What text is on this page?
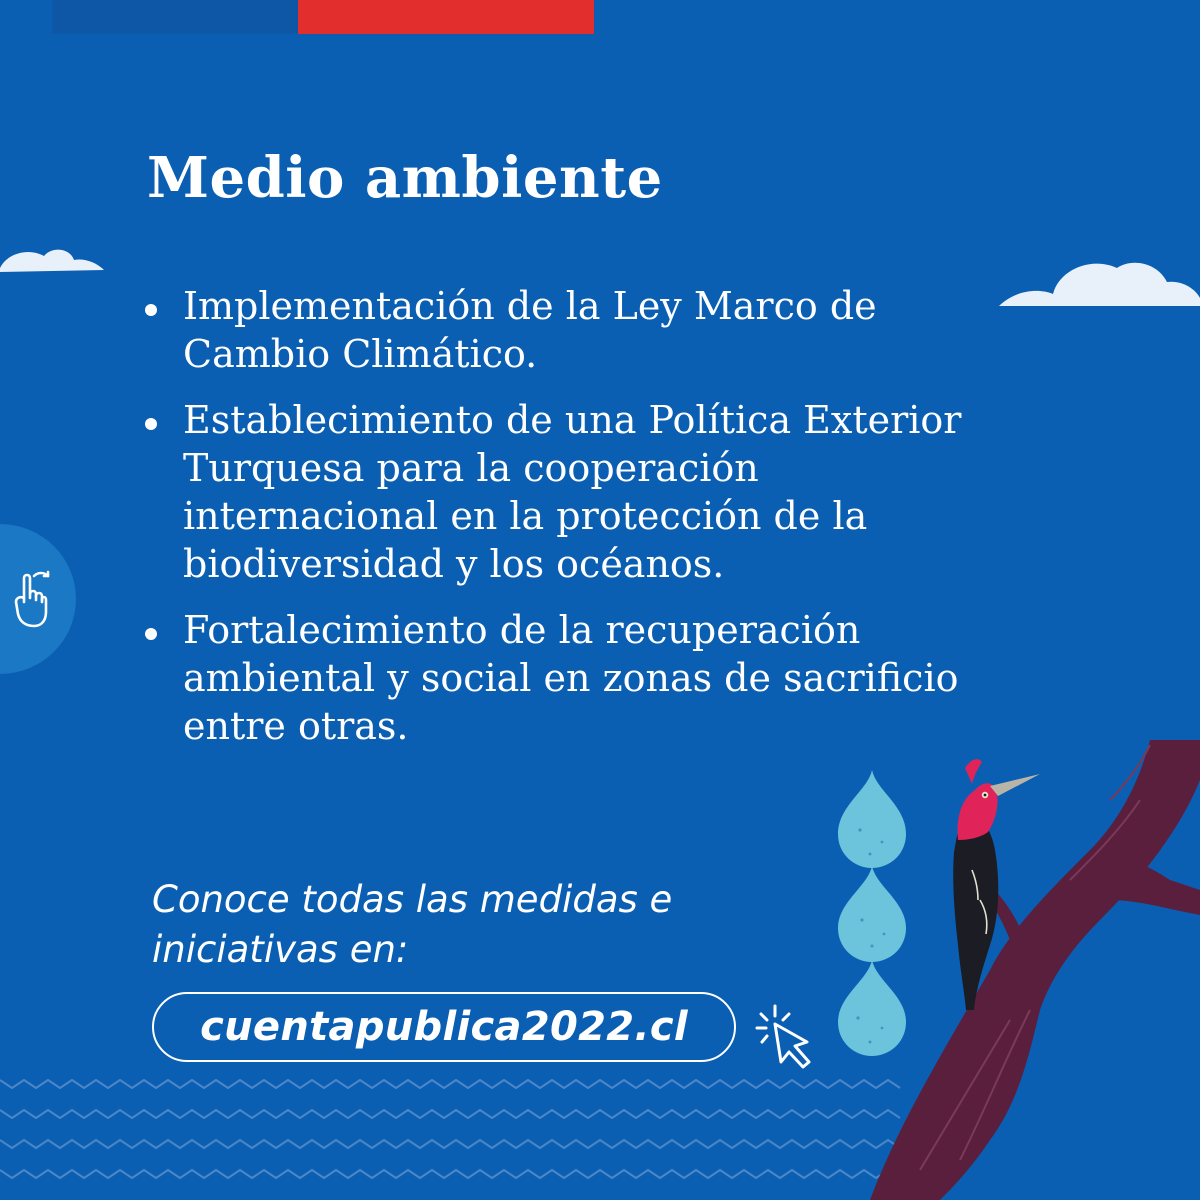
Medio ambiente
Implementación de la Ley Marco de Cambio Climático.
Establecimiento de una Política Exterior Turquesa para la cooperación internacional en la protección de la biodiversidad y los océanos.
Fortalecimiento de la recuperación ambiental y social en zonas de sacrificio entre otras.

Conoce todas las medidas e iniciativas en:

cuentapublica2022.cl
